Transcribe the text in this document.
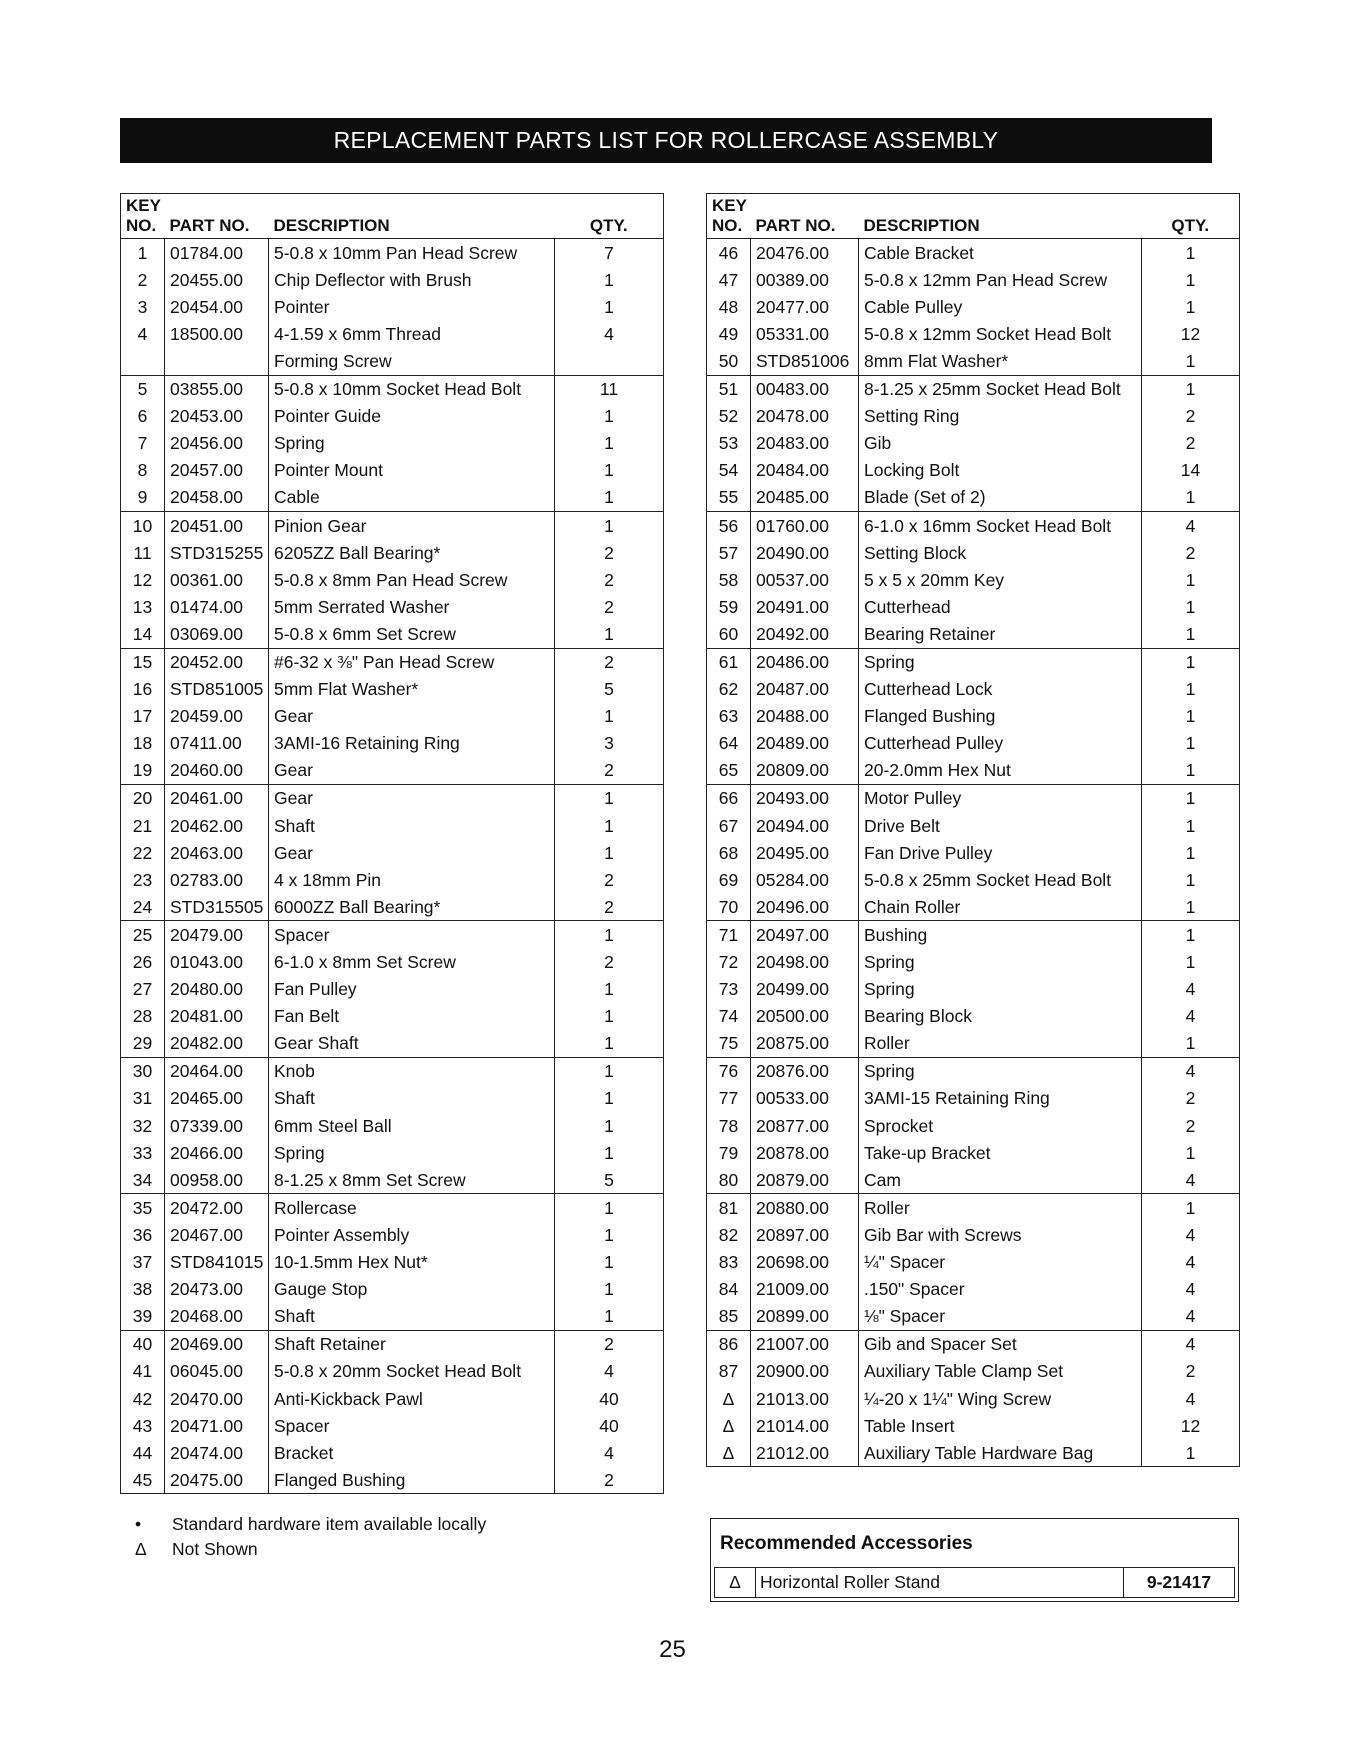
REPLACEMENT PARTS LIST FOR ROLLERCASE ASSEMBLY
KEY			
NO.	PART NO.	DESCRIPTION	QTY.
1	01784.00	5-0.8 x 10mm Pan Head Screw	7
2	20455.00	Chip Deflector with Brush	1
3	20454.00	Pointer	1
4	18500.00	4-1.59 x 6mm Thread	4
		Forming Screw	
5	03855.00	5-0.8 x 10mm Socket Head Bolt	11
6	20453.00	Pointer Guide	1
7	20456.00	Spring	1
8	20457.00	Pointer Mount	1
9	20458.00	Cable	1
10	20451.00	Pinion Gear	1
11	STD315255	6205ZZ Ball Bearing*	2
12	00361.00	5-0.8 x 8mm Pan Head Screw	2
13	01474.00	5mm Serrated Washer	2
14	03069.00	5-0.8 x 6mm Set Screw	1
15	20452.00	#6-32 x ⅜" Pan Head Screw	2
16	STD851005	5mm Flat Washer*	5
17	20459.00	Gear	1
18	07411.00	3AMI-16 Retaining Ring	3
19	20460.00	Gear	2
20	20461.00	Gear	1
21	20462.00	Shaft	1
22	20463.00	Gear	1
23	02783.00	4 x 18mm Pin	2
24	STD315505	6000ZZ Ball Bearing*	2
25	20479.00	Spacer	1
26	01043.00	6-1.0 x 8mm Set Screw	2
27	20480.00	Fan Pulley	1
28	20481.00	Fan Belt	1
29	20482.00	Gear Shaft	1
30	20464.00	Knob	1
31	20465.00	Shaft	1
32	07339.00	6mm Steel Ball	1
33	20466.00	Spring	1
34	00958.00	8-1.25 x 8mm Set Screw	5
35	20472.00	Rollercase	1
36	20467.00	Pointer Assembly	1
37	STD841015	10-1.5mm Hex Nut*	1
38	20473.00	Gauge Stop	1
39	20468.00	Shaft	1
40	20469.00	Shaft Retainer	2
41	06045.00	5-0.8 x 20mm Socket Head Bolt	4
42	20470.00	Anti-Kickback Pawl	40
43	20471.00	Spacer	40
44	20474.00	Bracket	4
45	20475.00	Flanged Bushing	2
KEY			
NO.	PART NO.	DESCRIPTION	QTY.
46	20476.00	Cable Bracket	1
47	00389.00	5-0.8 x 12mm Pan Head Screw	1
48	20477.00	Cable Pulley	1
49	05331.00	5-0.8 x 12mm Socket Head Bolt	12
50	STD851006	8mm Flat Washer*	1
51	00483.00	8-1.25 x 25mm Socket Head Bolt	1
52	20478.00	Setting Ring	2
53	20483.00	Gib	2
54	20484.00	Locking Bolt	14
55	20485.00	Blade (Set of 2)	1
56	01760.00	6-1.0 x 16mm Socket Head Bolt	4
57	20490.00	Setting Block	2
58	00537.00	5 x 5 x 20mm Key	1
59	20491.00	Cutterhead	1
60	20492.00	Bearing Retainer	1
61	20486.00	Spring	1
62	20487.00	Cutterhead Lock	1
63	20488.00	Flanged Bushing	1
64	20489.00	Cutterhead Pulley	1
65	20809.00	20-2.0mm Hex Nut	1
66	20493.00	Motor Pulley	1
67	20494.00	Drive Belt	1
68	20495.00	Fan Drive Pulley	1
69	05284.00	5-0.8 x 25mm Socket Head Bolt	1
70	20496.00	Chain Roller	1
71	20497.00	Bushing	1
72	20498.00	Spring	1
73	20499.00	Spring	4
74	20500.00	Bearing Block	4
75	20875.00	Roller	1
76	20876.00	Spring	4
77	00533.00	3AMI-15 Retaining Ring	2
78	20877.00	Sprocket	2
79	20878.00	Take-up Bracket	1
80	20879.00	Cam	4
81	20880.00	Roller	1
82	20897.00	Gib Bar with Screws	4
83	20698.00	¼" Spacer	4
84	21009.00	.150" Spacer	4
85	20899.00	⅛" Spacer	4
86	21007.00	Gib and Spacer Set	4
87	20900.00	Auxiliary Table Clamp Set	2
Δ	21013.00	¼-20 x 1¼" Wing Screw	4
Δ	21014.00	Table Insert	12
Δ	21012.00	Auxiliary Table Hardware Bag	1
• Standard hardware item available locally
Δ Not Shown	Recommended Accessories
Δ	Horizontal Roller Stand	9-21417
25
